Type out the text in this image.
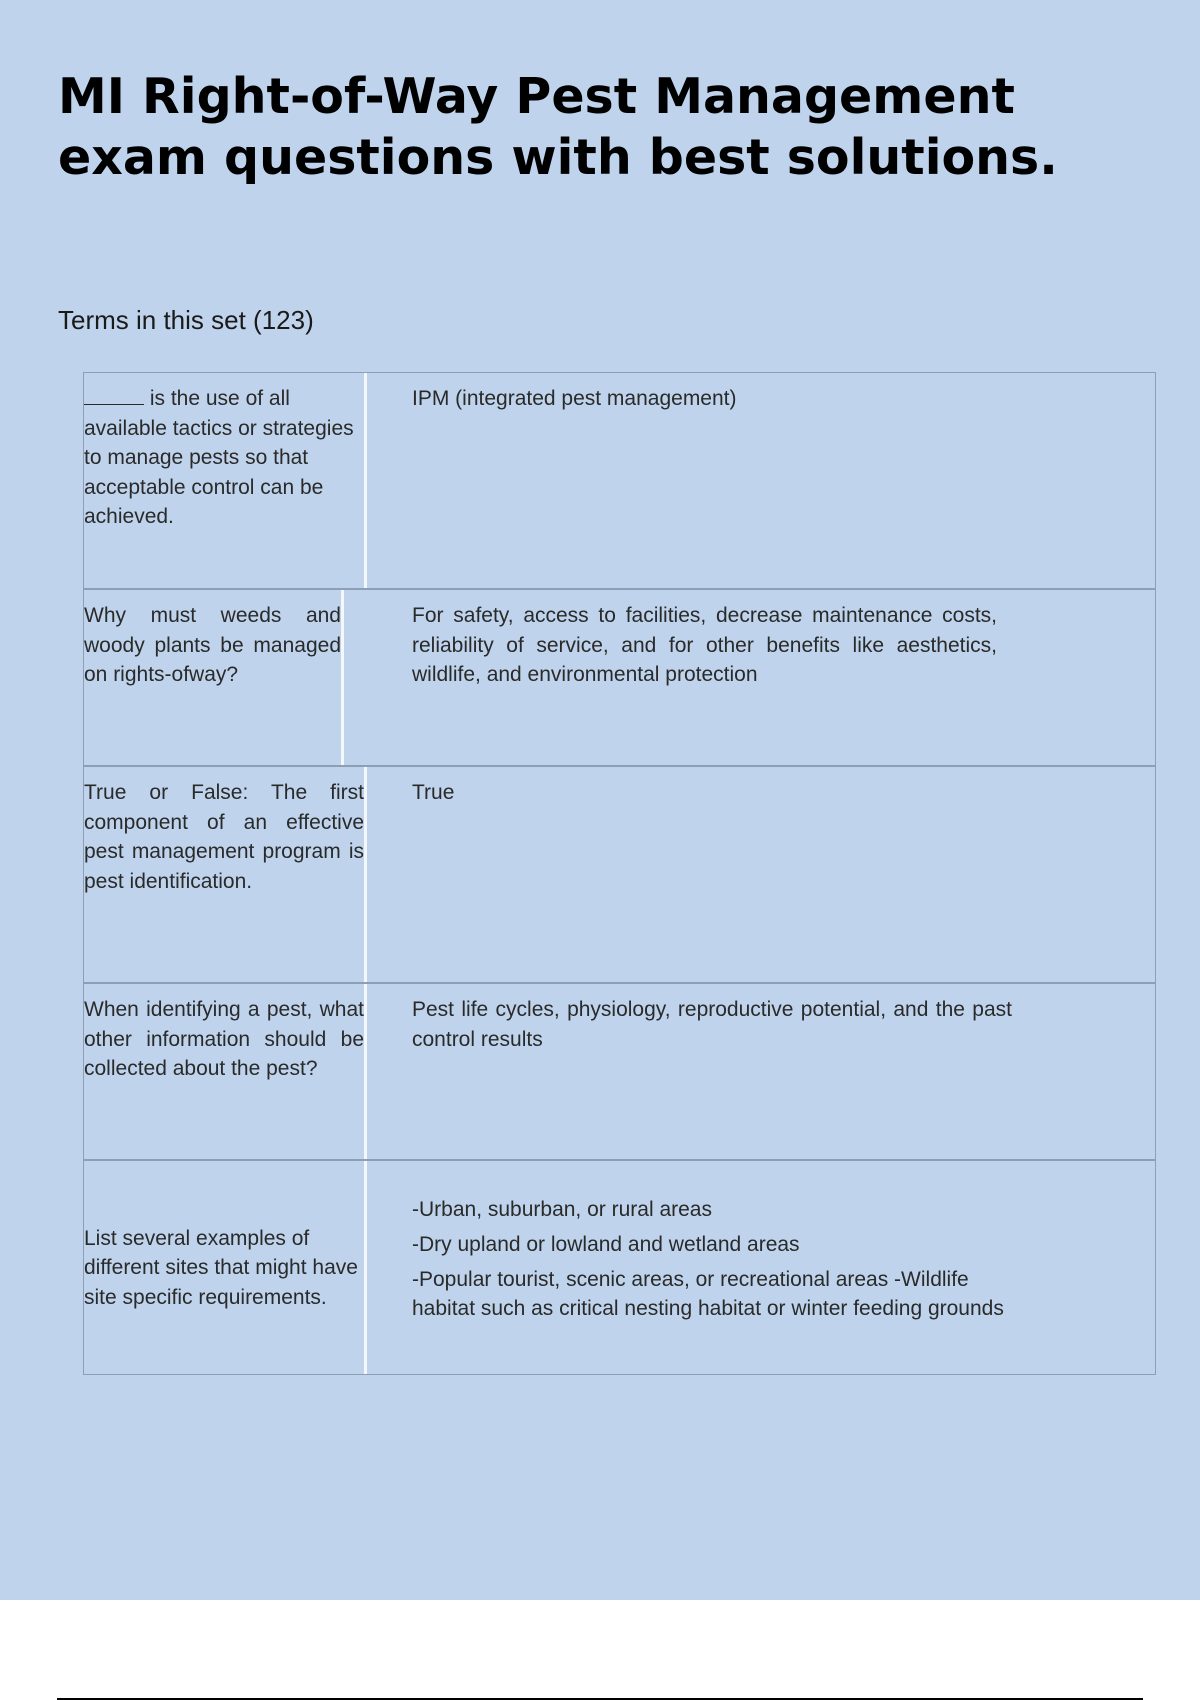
MI Right-of-Way Pest Management exam questions with best solutions.
Terms in this set (123)
is the use of all available tactics or strategies to manage pests so that acceptable control can be achieved.
IPM (integrated pest management)
Why must weeds and woody plants be managed on rights-ofway?
For safety, access to facilities, decrease maintenance costs, reliability of service, and for other benefits like aesthetics, wildlife, and environmental protection
True or False: The first component of an effective pest management program is pest identification.
True
When identifying a pest, what other information should be collected about the pest?
Pest life cycles, physiology, reproductive potential, and the past control results
List several examples of different sites that might have site specific requirements.
-Urban, suburban, or rural areas
-Dry upland or lowland and wetland areas
-Popular tourist, scenic areas, or recreational areas -Wildlife habitat such as critical nesting habitat or winter feeding grounds
